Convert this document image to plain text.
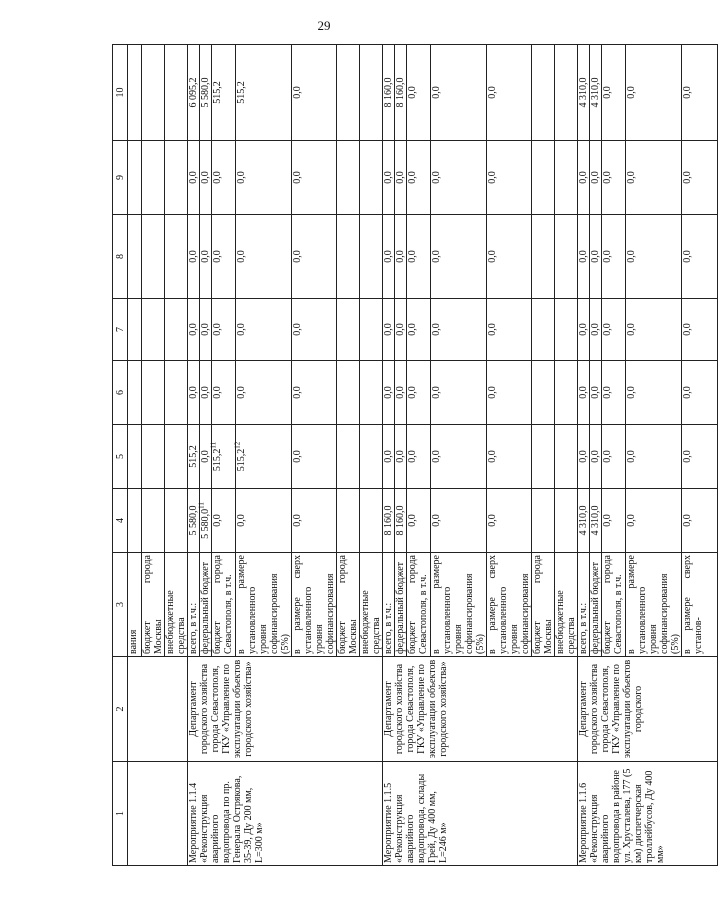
29
1	2	3	4	5	6	7	8	9	10
		вания							
		бюджет города Москвы							
		внебюджетные средства							
Мероприятие 1.1.4 «Реконструкция аварийного водопровода по пр. Генерала Острякова, 35-39, Ду 200 мм, L=300 м»	Департамент городского хозяйства города Севастополя, ГКУ «Управление по эксплуатации объектов городского хозяйства»	всего, в т.ч.:	5 580,0	515,2	0,0	0,0	0,0	0,0	6 095,2
		федеральный бюджет	5 580,0$^{11}$	0,0	0,0	0,0	0,0	0,0	5 580,0
		бюджет города Севастополя, в т.ч.	0,0	515,2$^{11}$	0,0	0,0	0,0	0,0	515,2
		в размере установленного уровня софинансирования (5%)	0,0	515,2$^{12}$	0,0	0,0	0,0	0,0	515,2
		в размере сверх установленного уровня софинансирования	0,0	0,0	0,0	0,0	0,0	0,0	0,0
		бюджет города Москвы							
		внебюджетные средства							
Мероприятие 1.1.5 «Реконструкция аварийного водопровода, склады Грей, Ду 400 мм, L=246 м»	Департамент городского хозяйства города Севастополя, ГКУ «Управление по эксплуатации объектов городского хозяйства»	всего, в т.ч.:	8 160,0	0,0	0,0	0,0	0,0	0,0	8 160,0
		федеральный бюджет	8 160,0	0,0	0,0	0,0	0,0	0,0	8 160,0
		бюджет города Севастополя, в т.ч.	0,0	0,0	0,0	0,0	0,0	0,0	0,0
		в размере установленного уровня софинансирования (5%)	0,0	0,0	0,0	0,0	0,0	0,0	0,0
		в размере сверх установленного уровня софинансирования	0,0	0,0	0,0	0,0	0,0	0,0	0,0
		бюджет города Москвы							
		внебюджетные средства							
Мероприятие 1.1.6 «Реконструкция аварийного водопровода в районе ул. Хрусталева, 177 (5 км) диспетчерская троллейбусов, Ду 400 мм»	Департамент городского хозяйства города Севастополя, ГКУ «Управление по эксплуатации объектов городского	всего, в т.ч.:	4 310,0	0,0	0,0	0,0	0,0	0,0	4 310,0
		федеральный бюджет	4 310,0	0,0	0,0	0,0	0,0	0,0	4 310,0
		бюджет города Севастополя, в т.ч.	0,0	0,0	0,0	0,0	0,0	0,0	0,0
		в размере установленного уровня софинансирования (5%)	0,0	0,0	0,0	0,0	0,0	0,0	0,0
		в размере сверх установ-	0,0	0,0	0,0	0,0	0,0	0,0	0,0
